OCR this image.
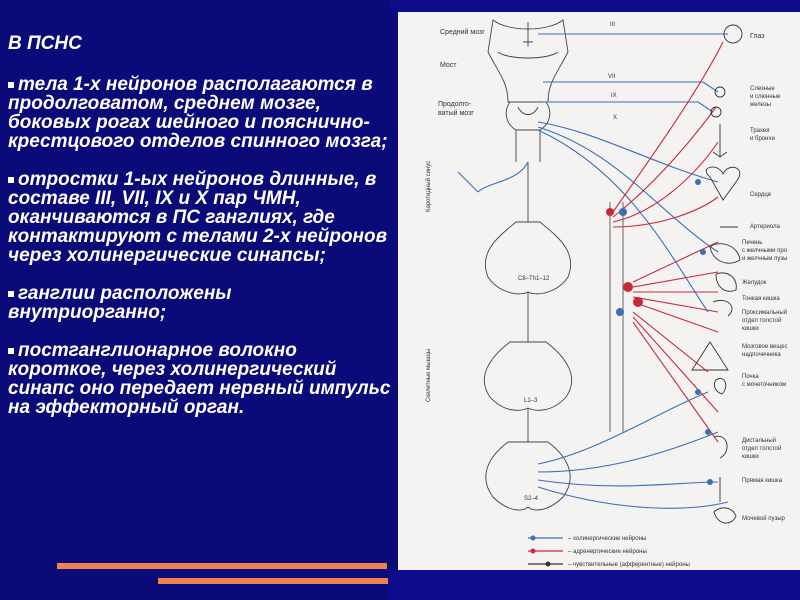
В ПСНС
тела 1-х нейронов располагаются в продолговатом, среднем мозге, боковых рогах шейного и пояснично-крестцового отделов спинного мозга;
отростки 1-ых нейронов длинные, в составе III, VII, IX и X пар ЧМН, оканчиваются в ПС ганглиях, где контактируют с телами 2-х нейронов через холинергические синапсы;
ганглии расположены внутриорганно;
постганглионарное волокно короткое, через холинергический синапс оно передает нервный импульс на эффекторный орган.
Средний мозг
Мост
Продолго-
ватый мозг
Каротидный синус
Скелетные мышцы
III
VII
IX
X
C8–Th1–12
L1–3
S2–4
Глаз
Слезные
и слюнные
железы
Трахея
и бронхи
Сердце
Артериола
Печень
с желчными про
и желчным пузы
Желудок
Тонкая кишка
Проксимальный
отдел толстой
кишки
Мозговое вещес
надпочечника
Почка
с мочеточником
Дистальный
отдел толстой
кишки
Прямая кишка
Мочевой пузыр
– холинергические нейроны
– адренергические нейроны
– чувствительные (афферентные) нейроны
